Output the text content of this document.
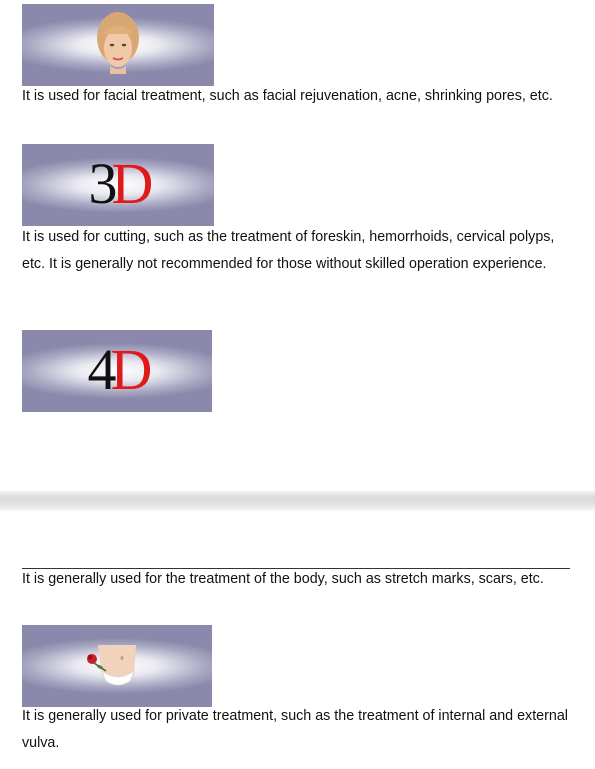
It is used for facial treatment, such as facial rejuvenation, acne, shrinking pores, etc.

3D

It is used for cutting, such as the treatment of foreskin, hemorrhoids, cervical polyps, etc. It is generally not recommended for those without skilled operation experience.

4D

It is generally used for the treatment of the body, such as stretch marks, scars, etc.

It is generally used for private treatment, such as the treatment of internal and external vulva.
